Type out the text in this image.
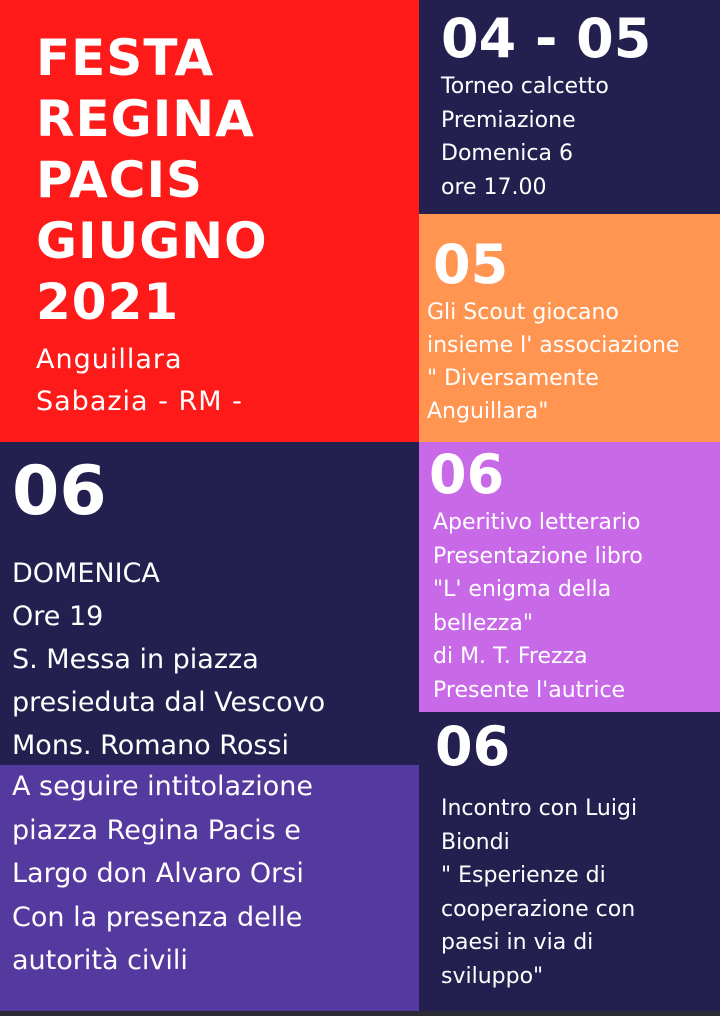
FESTA
REGINA
PACIS
GIUGNO
2021
Anguillara
Sabazia - RM -
04 - 05
Torneo calcetto
Premiazione
Domenica 6
ore 17.00
05
Gli Scout giocano
insieme l' associazione
" Diversamente
Anguillara"
06
DOMENICA
Ore 19
S. Messa in piazza
presieduta dal Vescovo
Mons. Romano Rossi
A seguire intitolazione
piazza Regina Pacis e
Largo don Alvaro Orsi
Con la presenza delle
autorità civili
06
Aperitivo letterario
Presentazione libro
"L' enigma della
bellezza"
di M. T. Frezza
Presente l'autrice
06
Incontro con Luigi
Biondi
" Esperienze di
cooperazione con
paesi in via di
sviluppo"
